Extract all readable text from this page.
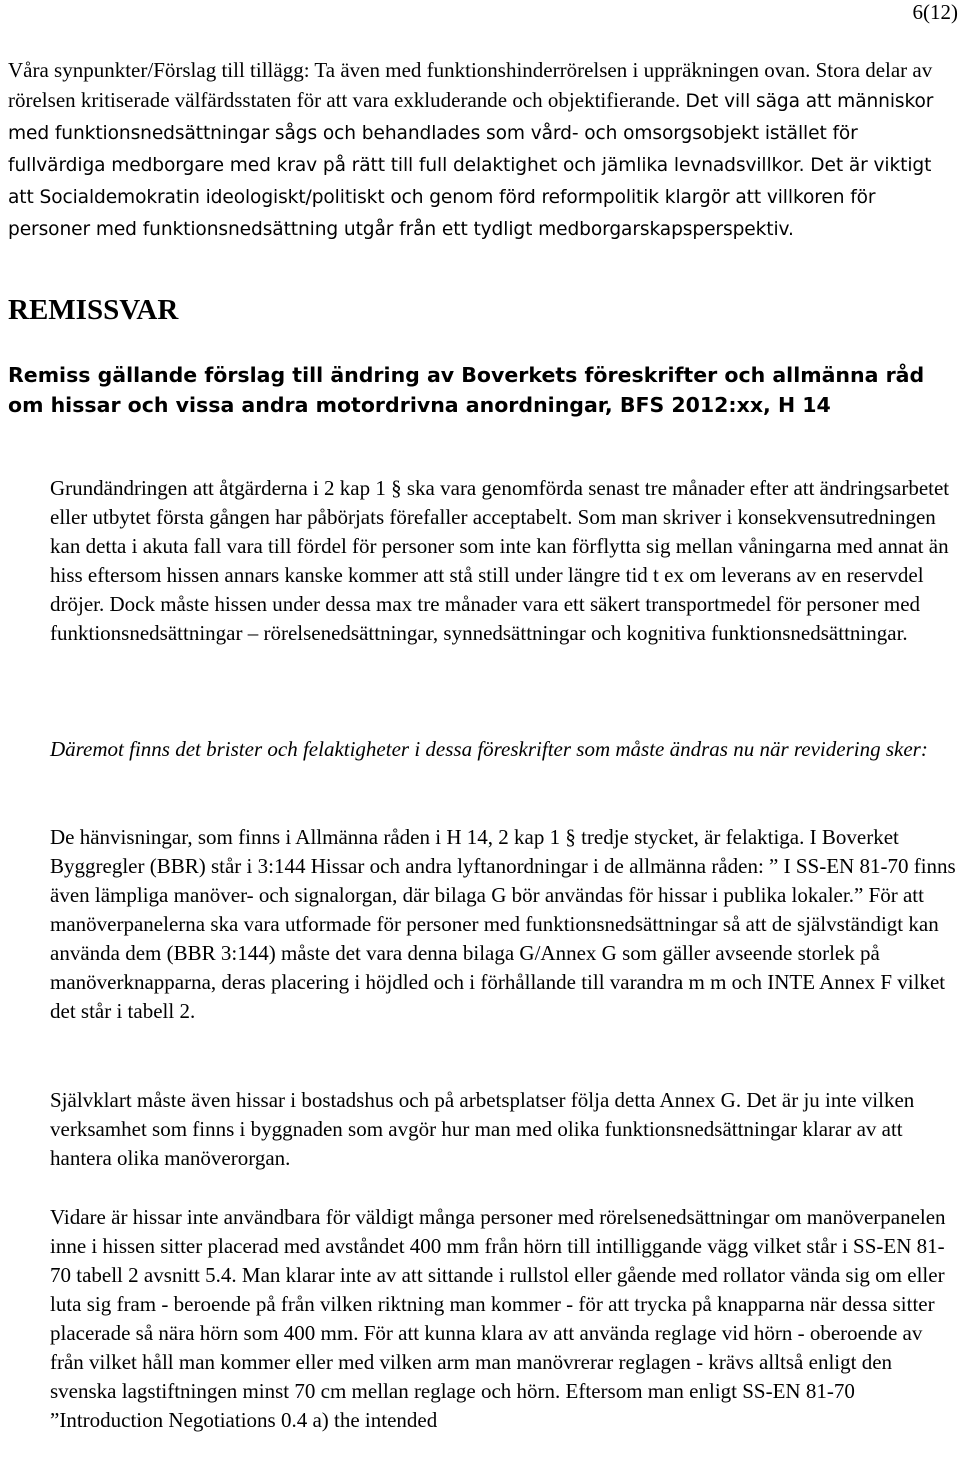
6(12)

Våra synpunkter/Förslag till tillägg: Ta även med funktionshinderrörelsen i uppräkningen ovan. Stora delar av rörelsen kritiserade välfärdsstaten för att vara exkluderande och objektifierande. Det vill säga att människor med funktionsnedsättningar sågs och behandlades som vård- och omsorgsobjekt istället för fullvärdiga medborgare med krav på rätt till full delaktighet och jämlika levnadsvillkor. Det är viktigt att Socialdemokratin ideologiskt/politiskt och genom förd reformpolitik klargör att villkoren för personer med funktionsnedsättning utgår från ett tydligt medborgarskapsperspektiv.

REMISSVAR
Remiss gällande förslag till ändring av Boverkets föreskrifter och allmänna råd om hissar och vissa andra motordrivna anordningar, BFS 2012:xx, H 14

Grundändringen att åtgärderna i 2 kap 1 § ska vara genomförda senast tre månader efter att ändringsarbetet eller utbytet första gången har påbörjats förefaller acceptabelt. Som man skriver i konsekvensutredningen kan detta i akuta fall vara till fördel för personer som inte kan förflytta sig mellan våningarna med annat än hiss eftersom hissen annars kanske kommer att stå still under längre tid t ex om leverans av en reservdel dröjer. Dock måste hissen under dessa max tre månader vara ett säkert transportmedel för personer med funktionsnedsättningar – rörelsenedsättningar, synnedsättningar och kognitiva funktionsnedsättningar.

Däremot finns det brister och felaktigheter i dessa föreskrifter som måste ändras nu när revidering sker:

De hänvisningar, som finns i Allmänna råden i H 14, 2 kap 1 § tredje stycket, är felaktiga. I Boverket Byggregler (BBR) står i 3:144 Hissar och andra lyftanordningar i de allmänna råden: ” I SS-EN 81-70 finns även lämpliga manöver- och signalorgan, där bilaga G bör användas för hissar i publika lokaler.” För att manöverpanelerna ska vara utformade för personer med funktionsnedsättningar så att de självständigt kan använda dem (BBR 3:144) måste det vara denna bilaga G/Annex G som gäller avseende storlek på manöverknapparna, deras placering i höjdled och i förhållande till varandra m m och INTE Annex F vilket det står i tabell 2.

Självklart måste även hissar i bostadshus och på arbetsplatser följa detta Annex G. Det är ju inte vilken verksamhet som finns i byggnaden som avgör hur man med olika funktionsnedsättningar klarar av att hantera olika manöverorgan.

Vidare är hissar inte användbara för väldigt många personer med rörelsenedsättningar om manöverpanelen inne i hissen sitter placerad med avståndet 400 mm från hörn till intilliggande vägg vilket står i SS-EN 81-70 tabell 2 avsnitt 5.4. Man klarar inte av att sittande i rullstol eller gående med rollator vända sig om eller luta sig fram - beroende på från vilken riktning man kommer - för att trycka på knapparna när dessa sitter placerade så nära hörn som 400 mm. För att kunna klara av att använda reglage vid hörn - oberoende av från vilket håll man kommer eller med vilken arm man manövrerar reglagen - krävs alltså enligt den svenska lagstiftningen minst 70 cm mellan reglage och hörn. Eftersom man enligt SS-EN 81-70 ”Introduction Negotiations 0.4 a) the intended
